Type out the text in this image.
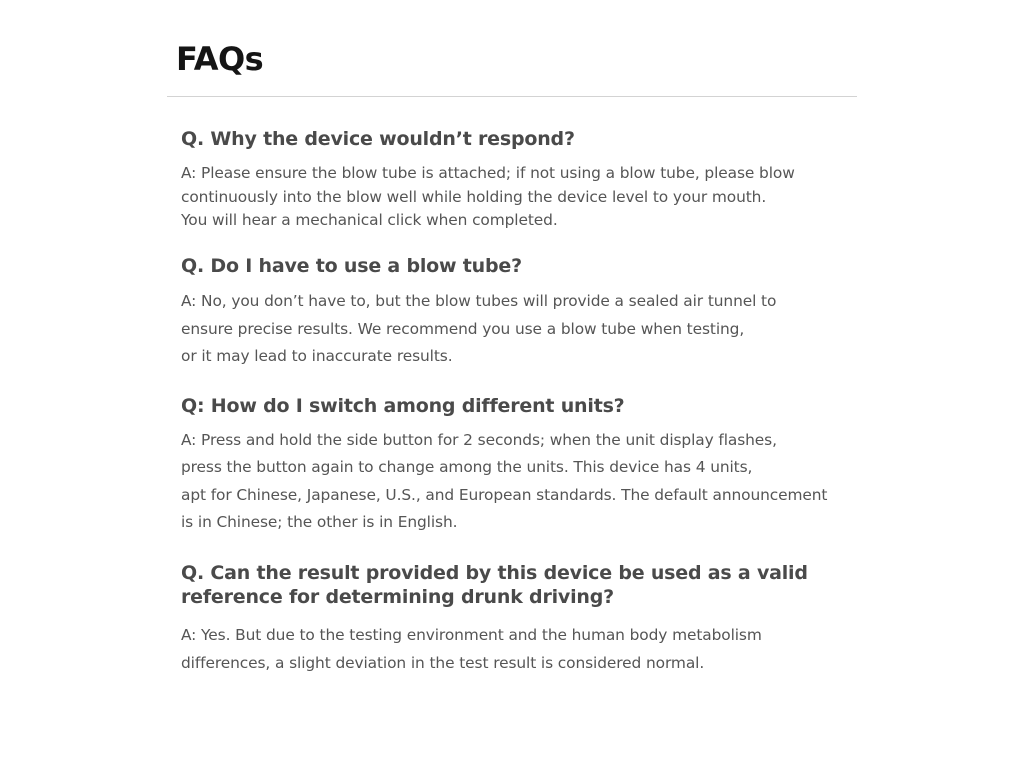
FAQs

Q. Why the device wouldn’t respond?

A: Please ensure the blow tube is attached; if not using a blow tube, please blow
continuously into the blow well while holding the device level to your mouth.
You will hear a mechanical click when completed.

Q. Do I have to use a blow tube?

A: No, you don’t have to, but the blow tubes will provide a sealed air tunnel to
ensure precise results. We recommend you use a blow tube when testing,
or it may lead to inaccurate results.

Q: How do I switch among different units?

A: Press and hold the side button for 2 seconds; when the unit display flashes,
press the button again to change among the units. This device has 4 units,
apt for Chinese, Japanese, U.S., and European standards. The default announcement
is in Chinese; the other is in English.

Q. Can the result provided by this device be used as a valid
reference for determining drunk driving?

A: Yes. But due to the testing environment and the human body metabolism
differences, a slight deviation in the test result is considered normal.
